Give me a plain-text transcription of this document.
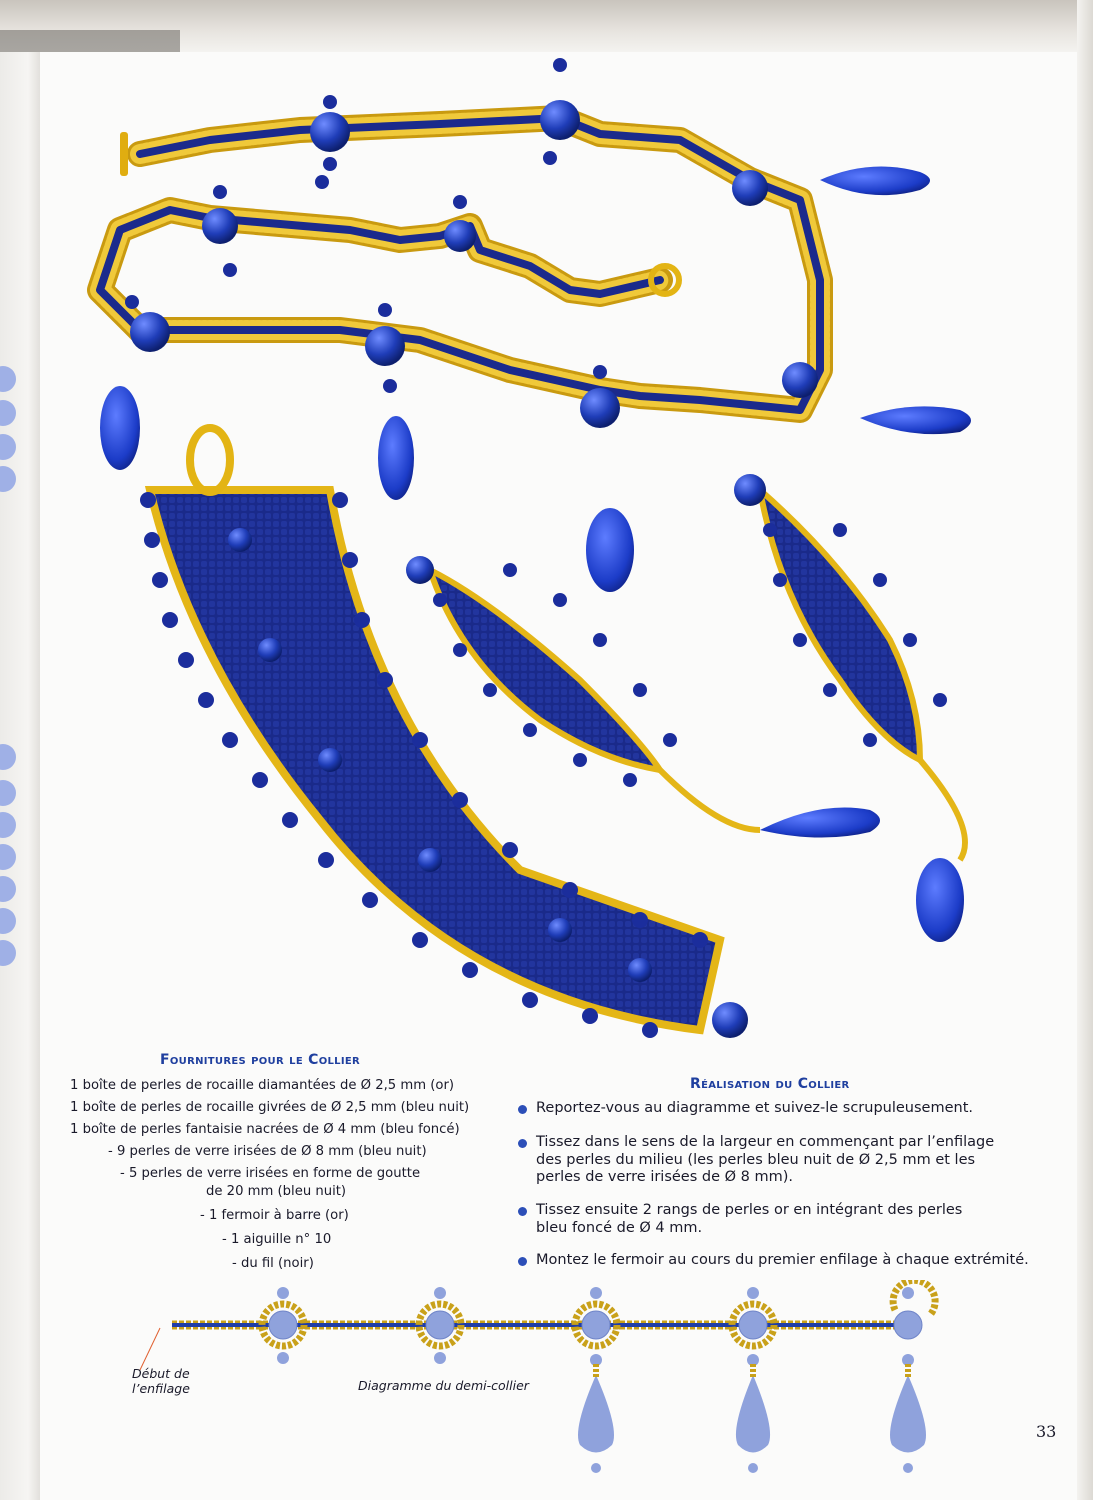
Fournitures pour le Collier
1 boîte de perles de rocaille diamantées de Ø 2,5 mm (or)
1 boîte de perles de rocaille givrées de Ø 2,5 mm (bleu nuit)
1 boîte de perles fantaisie nacrées de Ø 4 mm (bleu foncé)
- 9 perles de verre irisées de Ø 8 mm (bleu nuit)
- 5 perles de verre irisées en forme de goutte
de 20 mm (bleu nuit)
- 1 fermoir à barre (or)
- 1 aiguille n° 10
- du fil (noir)
Réalisation du Collier
Reportez-vous au diagramme et suivez-le scrupuleusement.
Tissez dans le sens de la largeur en commençant par l’enfilage des perles du milieu (les perles bleu nuit de Ø 2,5 mm et les perles de verre irisées de Ø 8 mm).
Tissez ensuite 2 rangs de perles or en intégrant des perles bleu foncé de Ø 4 mm.
Montez le fermoir au cours du premier enfilage à chaque extrémité.
Début de l’enfilage	Diagramme du demi-collier
33
